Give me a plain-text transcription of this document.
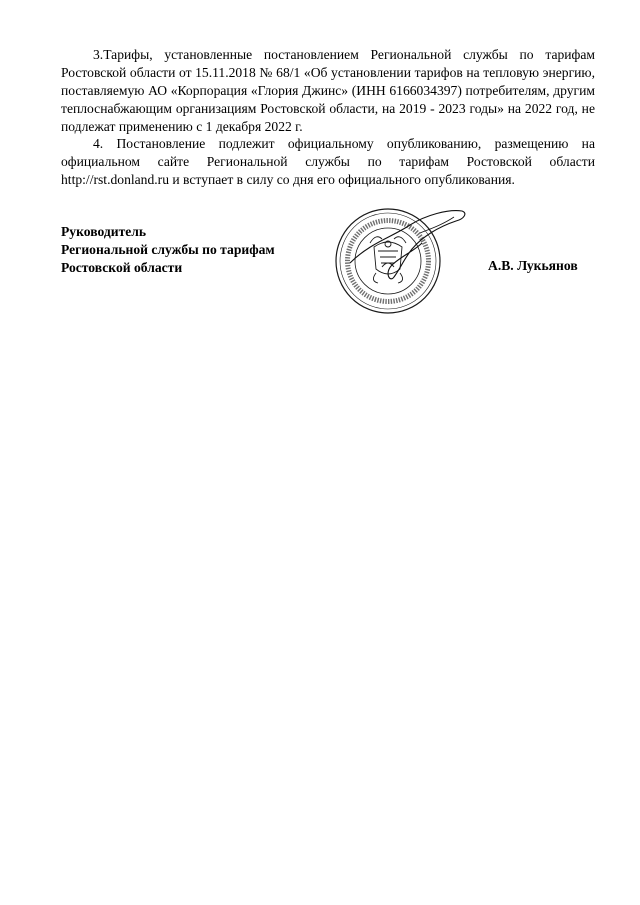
3.Тарифы, установленные постановлением Региональной службы по тарифам Ростовской области от 15.11.2018 № 68/1 «Об установлении тарифов на тепловую энергию, поставляемую АО «Корпорация «Глория Джинс» (ИНН 6166034397) потребителям, другим теплоснабжающим организациям Ростовской области, на 2019 - 2023 годы» на 2022 год, не подлежат применению с 1 декабря 2022 г.

4. Постановление подлежит официальному опубликованию, размещению на официальном сайте Региональной службы по тарифам Ростовской области http://rst.donland.ru и вступает в силу со дня его официального опубликования.

Руководитель
Региональной службы по тарифам
Ростовской области	А.В. Лукьянов
